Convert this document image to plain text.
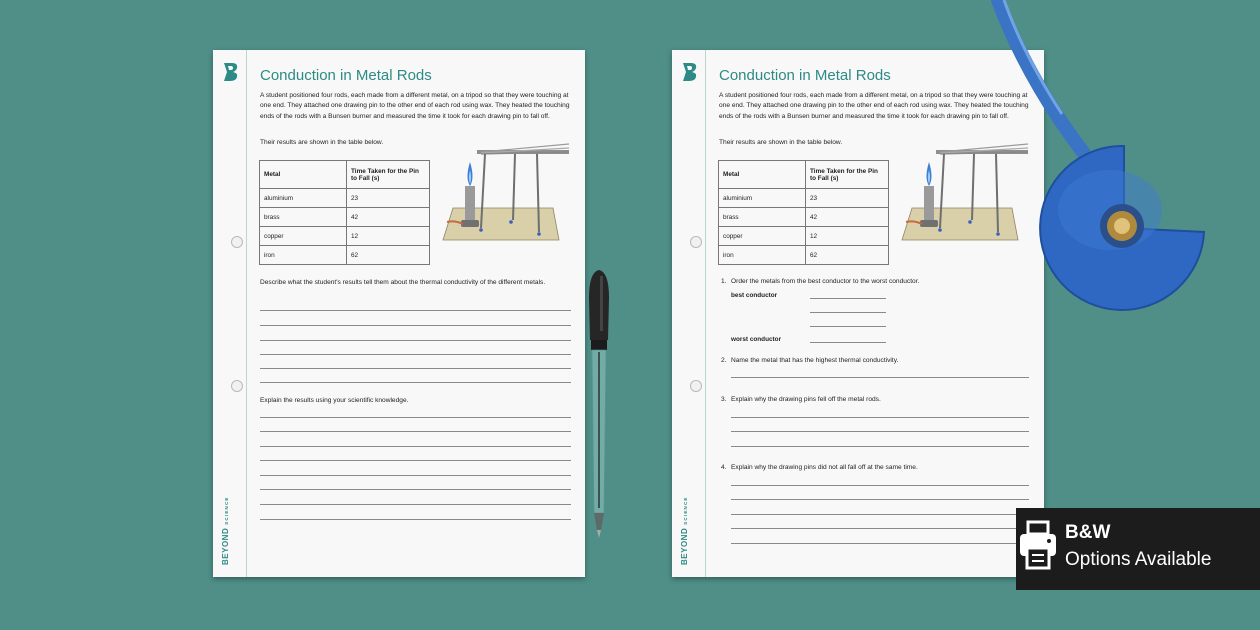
BEYONDSCIENCE
Conduction in Metal Rods

A student positioned four rods, each made from a different metal, on a tripod so that they were touching at one end. They attached one drawing pin to the other end of each rod using wax. They heated the touching ends of the rods with a Bunsen burner and measured the time it took for each drawing pin to fall off.

Their results are shown in the table below.
Metal	Time Taken for the Pin to Fall (s)
aluminium	23
brass	42
copper	12
iron	62
Describe what the student's results tell them about the thermal conductivity of the different metals.
Explain the results using your scientific knowledge.
BEYONDSCIENCE
Conduction in Metal Rods

A student positioned four rods, each made from a different metal, on a tripod so that they were touching at one end. They attached one drawing pin to the other end of each rod using wax. They heated the touching ends of the rods with a Bunsen burner and measured the time it took for each drawing pin to fall off.

Their results are shown in the table below.
Metal	Time Taken for the Pin to Fall (s)
aluminium	23
brass	42
copper	12
iron	62
1. Order the metals from the best conductor to the worst conductor.
best conductor
worst conductor
2. Name the metal that has the highest thermal conductivity.
3. Explain why the drawing pins fell off the metal rods.
4. Explain why the drawing pins did not all fall off at the same time.
B&W
Options Available
